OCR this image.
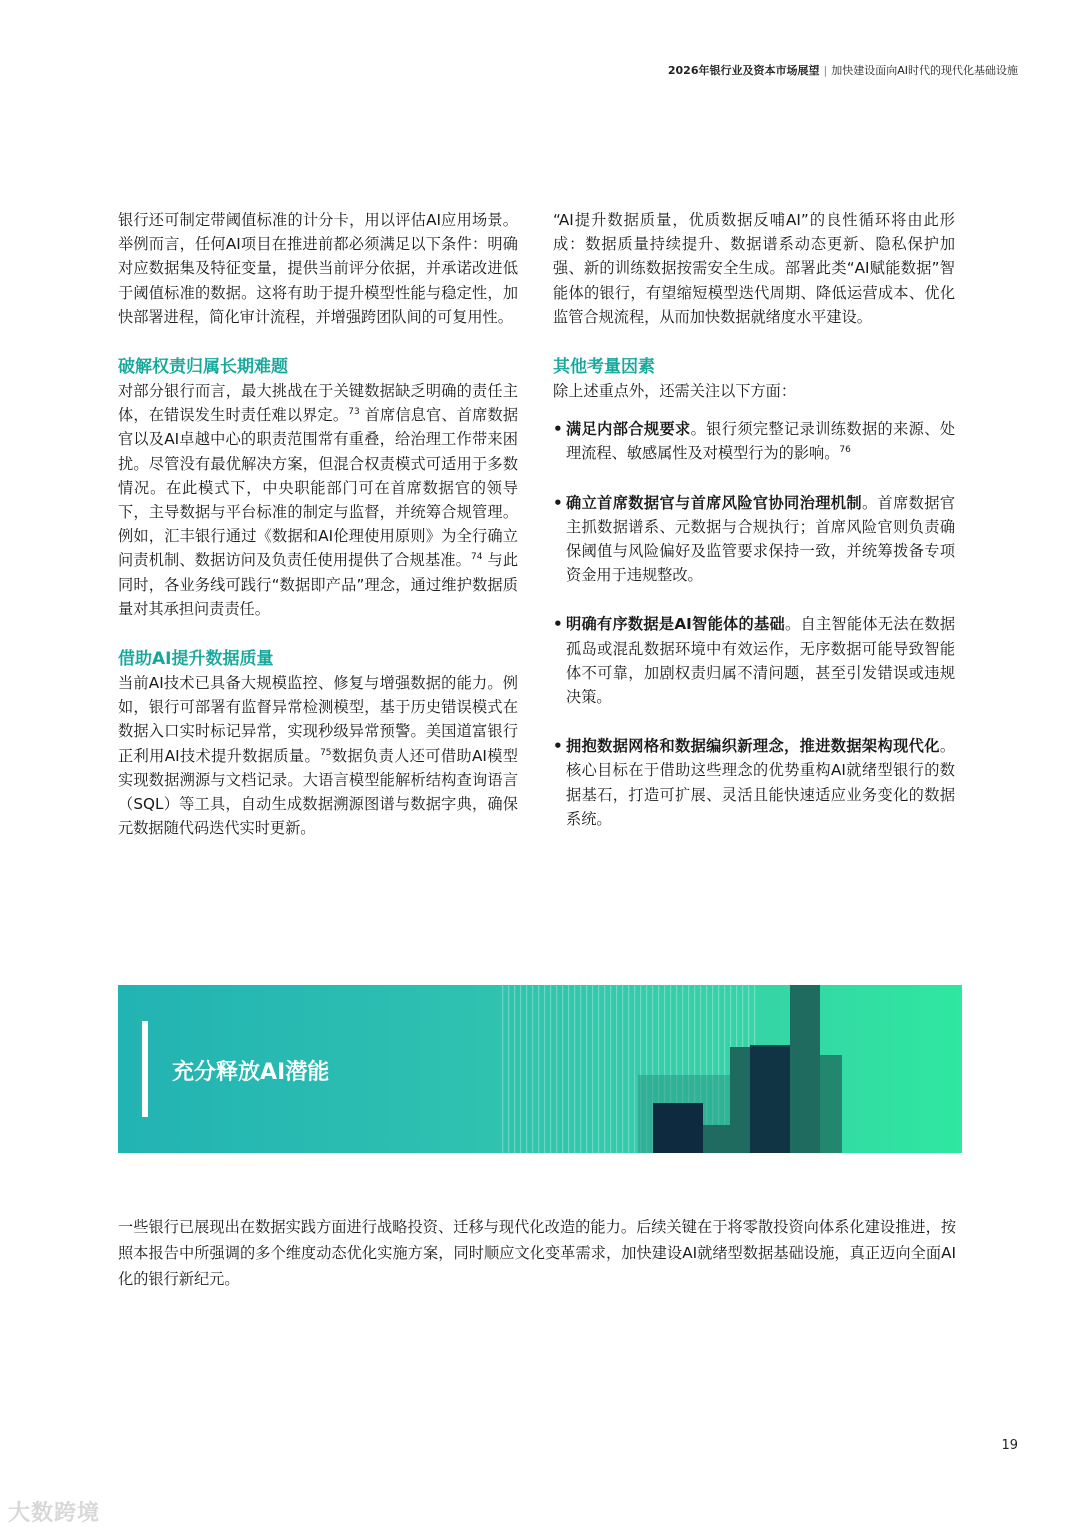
2026年银行业及资本市场展望 | 加快建设面向AI时代的现代化基础设施

银行还可制定带阈值标准的计分卡，用以评估AI应用场景。举例而言，任何AI项目在推进前都必须满足以下条件：明确对应数据集及特征变量，提供当前评分依据，并承诺改进低于阈值标准的数据。这将有助于提升模型性能与稳定性，加快部署进程，简化审计流程，并增强跨团队间的可复用性。

破解权责归属长期难题

对部分银行而言，最大挑战在于关键数据缺乏明确的责任主体，在错误发生时责任难以界定。$^{73}$ 首席信息官、首席数据官以及AI卓越中心的职责范围常有重叠，给治理工作带来困扰。尽管没有最优解决方案，但混合权责模式可适用于多数情况。在此模式下，中央职能部门可在首席数据官的领导下，主导数据与平台标准的制定与监督，并统筹合规管理。例如，汇丰银行通过《数据和AI伦理使用原则》为全行确立问责机制、数据访问及负责任使用提供了合规基准。$^{74}$ 与此同时，各业务线可践行“数据即产品”理念，通过维护数据质量对其承担问责责任。

借助AI提升数据质量

当前AI技术已具备大规模监控、修复与增强数据的能力。例如，银行可部署有监督异常检测模型，基于历史错误模式在数据入口实时标记异常，实现秒级异常预警。美国道富银行正利用AI技术提升数据质量。$^{75}$数据负责人还可借助AI模型实现数据溯源与文档记录。大语言模型能解析结构查询语言（SQL）等工具，自动生成数据溯源图谱与数据字典，确保元数据随代码迭代实时更新。

“AI提升数据质量，优质数据反哺AI”的良性循环将由此形成：数据质量持续提升、数据谱系动态更新、隐私保护加强、新的训练数据按需安全生成。部署此类“AI赋能数据”智能体的银行，有望缩短模型迭代周期、降低运营成本、优化监管合规流程，从而加快数据就绪度水平建设。

其他考量因素

除上述重点外，还需关注以下方面：

• 满足内部合规要求。银行须完整记录训练数据的来源、处理流程、敏感属性及对模型行为的影响。$^{76}$
• 确立首席数据官与首席风险官协同治理机制。首席数据官主抓数据谱系、元数据与合规执行；首席风险官则负责确保阈值与风险偏好及监管要求保持一致，并统筹拨备专项资金用于违规整改。
• 明确有序数据是AI智能体的基础。自主智能体无法在数据孤岛或混乱数据环境中有效运作，无序数据可能导致智能体不可靠，加剧权责归属不清问题，甚至引发错误或违规决策。
• 拥抱数据网格和数据编织新理念，推进数据架构现代化。核心目标在于借助这些理念的优势重构AI就绪型银行的数据基石，打造可扩展、灵活且能快速适应业务变化的数据系统。
充分释放AI潜能

一些银行已展现出在数据实践方面进行战略投资、迁移与现代化改造的能力。后续关键在于将零散投资向体系化建设推进，按照本报告中所强调的多个维度动态优化实施方案，同时顺应文化变革需求，加快建设AI就绪型数据基础设施，真正迈向全面AI化的银行新纪元。

19
大数跨境
